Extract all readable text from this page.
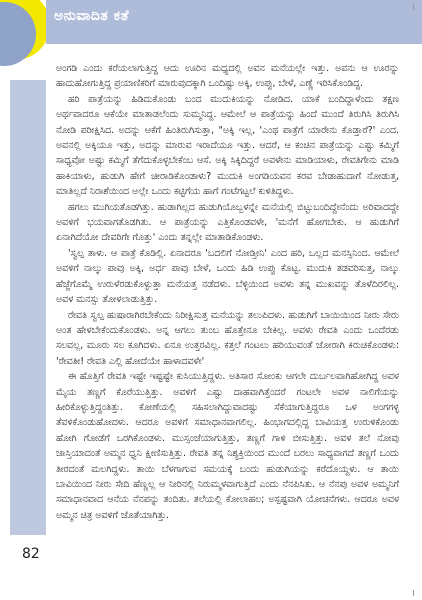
ಅನುವಾದಿತ ಕತೆ

ಅಂಗಡಿ ಎಂದು ಕರೆಯಲಾಗುತ್ತಿದ್ದ ಆದು ಊರಿನ ಮಧ್ಯದಲ್ಲಿ ಅವನ ಮನೆಯಲ್ಲೇ ಇತ್ತು. ಅವನು ಆ ಊರನ್ನು ಹಾದುಹೋಗುತ್ತಿದ್ದ ಪ್ರಯಾಣಿಕರಿಗೆ ಮಾರುವುದಕ್ಕಾಗಿ ಒಂದಿಷ್ಟು ಅಕ್ಕಿ, ಉಪ್ಪು, ಬೇಳೆ, ಎಣ್ಣೆ ಇರಿಸಿಕೊಂಡಿದ್ದ.

ಹರಿ ಪಾತ್ರೆಯನ್ನು ಹಿಡಿದುಕೊಂಡು ಬಂದ ಮುದುಕಿಯನ್ನು ನೋಡಿದ. ಯಾಕೆ ಬಂದಿದ್ದಾಳೆಂದು ತಕ್ಷಣ ಅರ್ಥವಾದರೂ ಆಕೆಯೇ ಮಾತಾಡಲೆಂದು ಸುಮ್ಮನಿದ್ದ. ಆಮೇಲೆ ಆ ಪಾತ್ರೆಯನ್ನು ಹಿಂದೆ ಮುಂದೆ ತಿರುಗಿಸಿ ತಿರುಗಿಸಿ ನೋಡಿ ಪರೀಕ್ಷಿಸಿದ. ಅದನ್ನು ಆಕೆಗೆ ಹಿಂತಿರುಗಿಸುತ್ತಾ, "ಅಕ್ಕಿ ಇಲ್ಲ, 'ಎಂಥ ಪಾತ್ರೆಗೆ ಯಾರೇನು ಕೊಡ್ತಾರೆ?' ಎಂದ. ಅವನಲ್ಲಿ ಅಕ್ಕಿಯೂ ಇತ್ತು, ಅದನ್ನು ಮಾರುವ ಇರಾದೆಯೂ ಇತ್ತು. ಆದರೆ, ಆ ಕಂಚಿನ ಪಾತ್ರೆಯನ್ನು ಎಷ್ಟು ಕಮ್ಮಿಗೆ ಸಾಧ್ಯವೋ ಅಷ್ಟು ಕಮ್ಮಿಗೆ ತೆಗೆದುಕೊಳ್ಳಬೇಕೆಂಬ ಆಸೆ. ಅಕ್ಕಿ ಸಿಕ್ಕಿದಿದ್ದರೆ ಅವಳೇನು ಮಾಡಿಯಾಳು, ರೇವತಿಗೇನು ಮಾಡಿ ಹಾಕಿಯಾಳು, ಹುಡುಗಿ ಹೇಗೆ ಚೀರಾಡಿಕೊಂಡಾಳು? ಮುದುಕಿ ಅಂಗಡಿಯವನ ಕರವ ಬೇಡಾಹುದಾಗೆ ನೋಡುತ್ತ, ಮಾತಿಲ್ಲದೆ ನಿರಾಶೆಯಿಂದ ಅಲ್ಲೇ ಒಂದು ಕಟ್ಟಿಗೆಯ ಹಾಗೆ ಗಂಟೆಗಟ್ಟಲೆ ಕುಳಿತಿದ್ದಳು.

ಹಗಲು ಮುಗಿಯತೊಡಗಿತ್ತು. ಹುಡಾಗಿಲ್ಲದ ಹುಡುಗಿಯೊಬ್ಬಳನ್ನೇ ಮನೆಯಲ್ಲಿ ಬಿಟ್ಟುಬಂದಿದ್ದೇನೆಂದು ಅರಿವಾದದ್ದೇ ಅವಳಿಗೆ ಭಯವಾಗತೊಡಗಿತು. ಆ ಪಾತ್ರೆಯನ್ನು ಎತ್ತಿಕೊಂಡವಳೇ, 'ಮನೆಗೆ ಹೋಗಬೇಕು. ಆ ಹುಡುಗಿಗೆ ಏನಾಗಿದೆಯೋ ದೇವರಿಗೇ ಗೊತ್ತು' ಎಂದು ತನ್ನಲ್ಲೇ ಮಾತಾಡಿಕೊಂಡಳು.

'ಸ್ವಲ್ಪ ತಾಳು. ಆ ಪಾತ್ರೆ ಕೊಡಿಲ್ಲಿ. ಏನಾದರೂ 'ಬದಲಿಗೆ ನೋಡ್ತೀನಿ' ಎಂದ ಹರಿ, ಒಲ್ಲದ ಮನಸ್ಸಿನಿಂದ. ಆಮೇಲೆ ಅವಳಿಗೆ ನಾಲ್ಕು ಪಾವು ಅಕ್ಕಿ, ಅರ್ಧ ಪಾವು ಬೇಳೆ, ಒಂದು ಹಿಡಿ ಉಪ್ಪು ಕೊಟ್ಟ. ಮುದುಕಿ ತಡವರಿಸುತ್ತ, ನಾಲ್ಕು ಹೆಜ್ಜೆಗೊಮ್ಮೆ ಉರುಳೆರಡುಕೊಳ್ಳುತ್ತಾ ಮನೆಯತ್ತ ನಡೆದಳು. ಬೆಳ್ಳಿಯಿಂದ ಅವಳು ತನ್ನ ಮುಖವನ್ನು ತೊಳೆದಿರಲಿಲ್ಲ. ಅವಳ ಮನಸ್ಸು ತೋಳಲಾಡುತ್ತಿತ್ತು.

ರೇವತಿ ಸ್ವಲ್ಪ ಹುಷಾರಾಗಿರಬೇಕೆಂದು ನಿರೀಕ್ಷಿಸುತ್ತ ಮನೆಯನ್ನು ತಲುಪಿದಳು. ಹುಡುಗಿಗೆ ಬಾಯಿಯಿಂದ ನೀರು ಸೇರು ಅಂತ ಹೇಳಬೇಕೆಂದುಕೊಂಡಳು. ಅನ್ನ ಆಗಲು ತುಂಬ ಹೊತ್ತೇನೂ ಬೇಕಿಲ್ಲ. ಅವಳು ರೇವತಿ ಎಂದು ಒಂದೆರಡು ಸಲವಲ್ಲ, ಮೂರು ಸಲ ಕೂಗಿದಳು. ಏನೂ ಉತ್ತರವಿಲ್ಲ. ಕತ್ತಲೆ ಗಂಟಲು ಹರಿಯುವಂತೆ ಜೋರಾಗಿ ಕಿರುಚಿಕೊಂಡಳು: 'ರೇವತೀ! ರೇವತಿ ಎಲ್ಲಿ ಹೋದೆಯೇ ಹಾಳಾದವಳೇ'

ಈ ಹೊತ್ತಿಗೆ ರೇವತಿ ಇಷ್ಟೇ ಇಷ್ಟಷ್ಟೇ ಕುಸಿಯುತ್ತಿದ್ದಳು. ಅತಿಸಾರ ಸೋಂಕು ಆಗಲೇ ದುರ್ಬಲವಾಗಿಹೋಗಿದ್ದ ಅವಳ ಮೈಯ ತಣ್ಣಗೆ ಕೊರೆಯುತ್ತಿತ್ತು. ಅವಳಿಗೆ ಎಷ್ಟು ದಾಹವಾಗಿತ್ತೆಂದರೆ ಗಂಟಲೇ ಅವಳ ನಾಲಿಗೆಯನ್ನು ಹೀರಿಕೊಳ್ಳುತ್ತಿದ್ದಂತಿತ್ತು. ಕೋಣೆಯಲ್ಲಿ ಸಹಿಸಲಾಗಿದ್ದುವಾದಷ್ಟು ಸೆಕೆಯಾಗುತ್ತಿದ್ದರೂ ಒಳ ಅಂಗಗಳ್ಳ ತೆವಳಿಕೊಂಡುಹೋದಳು. ಆದರೂ ಅವಳಿಗೆ ಸಮಾಧಾನವಾಗಲಿಲ್ಲ. ಹಿಂಭಾಗದಲ್ಲಿದ್ದ ಬಾವಿಯತ್ತ ಉರುಳಿಕೊಂಡು ಹೋಗಿ ಗೋಡೆಗೆ ಒರಗಿಕೊಂಡಳು. ಮುಸ್ಸಂಜೆಯಾಗುತ್ತಿತ್ತು, ತಣ್ಣಗೆ ಗಾಳಿ ಬೀಸುತ್ತಿತ್ತು. ಅವಳ ತಲೆ ನೋವು ಜಾಸ್ತಿಯಾದಂತೆ ಅಮ್ಮನ ಧ್ವನಿ ಕ್ಷೀಣಿಸುತ್ತಿತ್ತು. ರೇವತಿ ತನ್ನ ನಿಶ್ಯಕ್ತಿಯಿಂದ ಮುಂದೆ ಬರಲು ಸಾಧ್ಯವಾಗದೆ ತಣ್ಣಗೆ ಒಂದು ತೀರದಂತೆ ಮಲಗಿದ್ದಳು. ತಾಯಿ ಬೆಳಗಾಗುವ ಸಮಯಕ್ಕೆ ಬಂದು ಹುಡುಗಿಯನ್ನು ಕರೆದೊಯ್ದಳು. ಆ ತಾಯಿ ಬಾವಿಯಿಂದ ನೀರು ಸೇದಿ ಹೆಣ್ಣಲ್ಲ ಆ ನೀರಿನಲ್ಲಿ ನಿರುಮ್ಮಳವಾಗುತ್ತಿದೆ ಎಂದು ನೆನಪಿಸಿತು. ಆ ನೆನಪು ಅವಳ ಅಮ್ಮನಿಗೆ ಸಮಾಧಾನವಾದ ಆನೆಯ ನೆನಪನ್ನು ತಂದಿತು. ತಲೆಯಲ್ಲಿ ಕೋಲಾಹಲ; ಅಸ್ಪಷ್ಟವಾಗಿ ಯೋಚನೆಗಳು. ಆದರೂ ಅವಳ ಅಮ್ಮನ ಚಿತ್ರ ಅವಳಿಗೆ ಜೊತೆಯಾಗಿತ್ತು.

82
